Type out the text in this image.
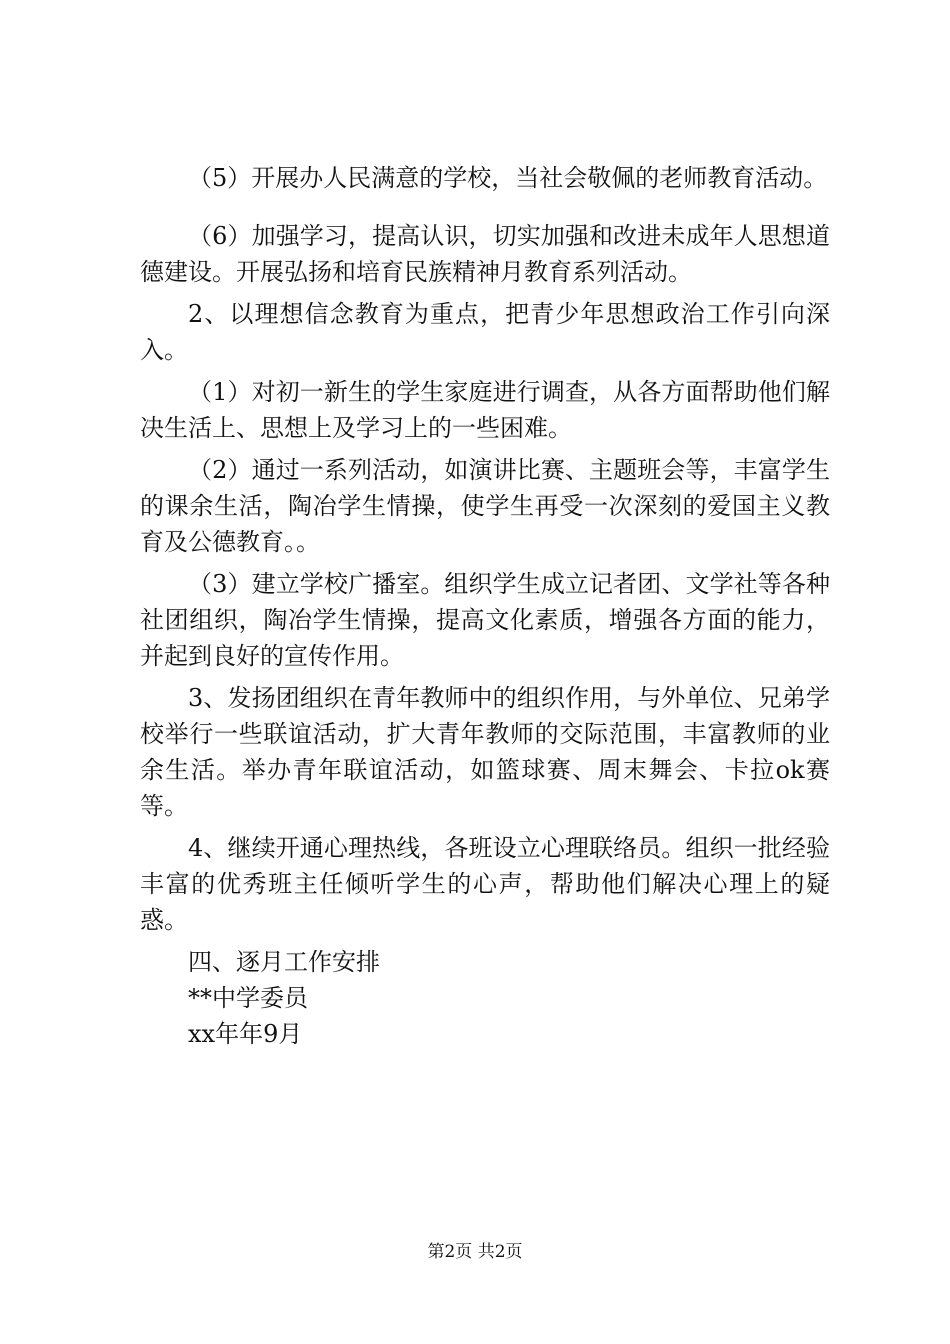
（5）开展办人民满意的学校，当社会敬佩的老师教育活动。

（6）加强学习，提高认识，切实加强和改进未成年人思想道德建设。开展弘扬和培育民族精神月教育系列活动。

2、以理想信念教育为重点，把青少年思想政治工作引向深入。

（1）对初一新生的学生家庭进行调查，从各方面帮助他们解决生活上、思想上及学习上的一些困难。

（2）通过一系列活动，如演讲比赛、主题班会等，丰富学生的课余生活，陶冶学生情操，使学生再受一次深刻的爱国主义教育及公德教育。。

（3）建立学校广播室。组织学生成立记者团、文学社等各种社团组织，陶冶学生情操，提高文化素质，增强各方面的能力，并起到良好的宣传作用。

3、发扬团组织在青年教师中的组织作用，与外单位、兄弟学校举行一些联谊活动，扩大青年教师的交际范围，丰富教师的业余生活。举办青年联谊活动，如篮球赛、周末舞会、卡拉ok赛等。

4、继续开通心理热线，各班设立心理联络员。组织一批经验丰富的优秀班主任倾听学生的心声，帮助他们解决心理上的疑惑。

四、逐月工作安排

**中学委员

xx年年9月

第2页 共2页
